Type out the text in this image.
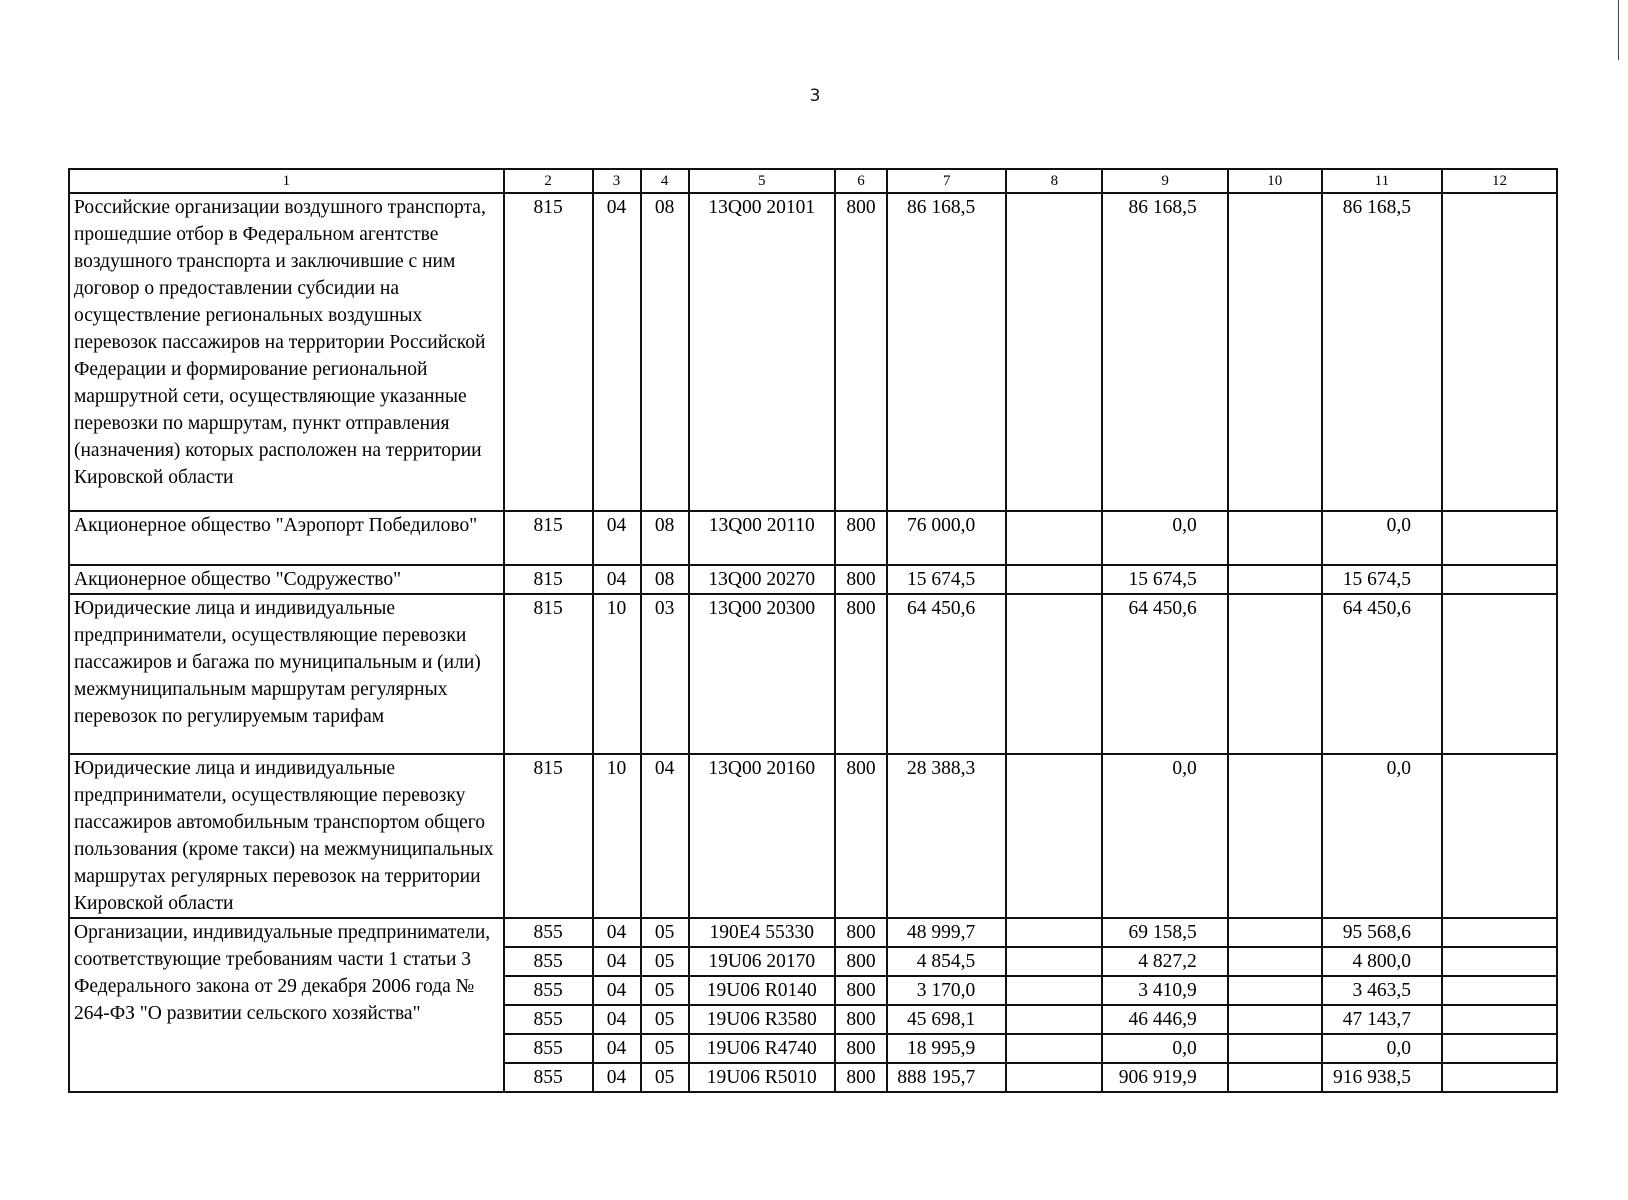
3
1	2	3	4	5	6	7	8	9	10	11	12
Российские организации воздушного транспорта, прошедшие отбор в Федеральном агентстве воздушного транспорта и заключившие с ним договор о предоставлении субсидии на осуществление региональных воздушных перевозок пассажиров на территории Российской Федерации и формирование региональной маршрутной сети, осуществляющие указанные перевозки по маршрутам, пункт отправления (назначения) которых расположен на территории Кировской области	815	04	08	13Q00 20101	800	86 168,5		86 168,5		86 168,5	
Акционерное общество "Аэропорт Победилово"	815	04	08	13Q00 20110	800	76 000,0		0,0		0,0	
Акционерное общество "Содружество"	815	04	08	13Q00 20270	800	15 674,5		15 674,5		15 674,5	
Юридические лица и индивидуальные предприниматели, осуществляющие перевозки пассажиров и багажа по муниципальным и (или) межмуниципальным маршрутам регулярных перевозок по регулируемым тарифам	815	10	03	13Q00 20300	800	64 450,6		64 450,6		64 450,6	
Юридические лица и индивидуальные предприниматели, осуществляющие перевозку пассажиров автомобильным транспортом общего пользования (кроме такси) на межмуниципальных маршрутах регулярных перевозок на территории Кировской области	815	10	04	13Q00 20160	800	28 388,3		0,0		0,0	
Организации, индивидуальные предприниматели, соответствующие требованиям части 1 статьи 3 Федерального закона от 29 декабря 2006 года № 264-ФЗ "О развитии сельского хозяйства"	855	04	05	190E4 55330	800	48 999,7		69 158,5		95 568,6	
	855	04	05	19U06 20170	800	4 854,5		4 827,2		4 800,0	
	855	04	05	19U06 R0140	800	3 170,0		3 410,9		3 463,5	
	855	04	05	19U06 R3580	800	45 698,1		46 446,9		47 143,7	
	855	04	05	19U06 R4740	800	18 995,9		0,0		0,0	
	855	04	05	19U06 R5010	800	888 195,7		906 919,9		916 938,5	
